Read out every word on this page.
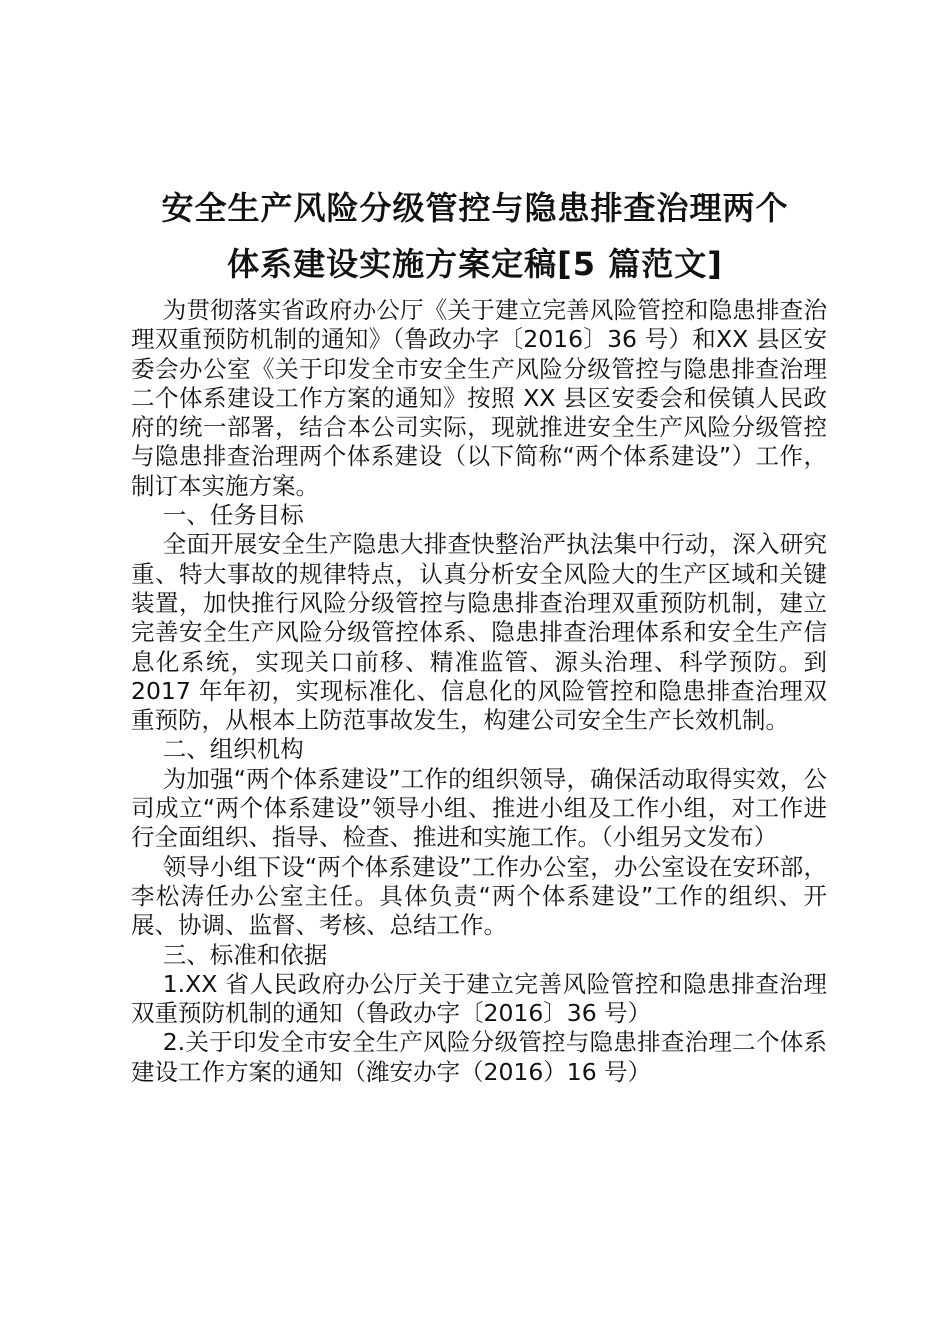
安全生产风险分级管控与隐患排查治理两个
体系建设实施方案定稿[5 篇范文]

为贯彻落实省政府办公厅《关于建立完善风险管控和隐患排查治理双重预防机制的通知》（鲁政办字〔2016〕36 号）和XX 县区安委会办公室《关于印发全市安全生产风险分级管控与隐患排查治理二个体系建设工作方案的通知》按照 XX 县区安委会和侯镇人民政府的统一部署，结合本公司实际，现就推进安全生产风险分级管控与隐患排查治理两个体系建设（以下简称“两个体系建设”）工作，制订本实施方案。

一、任务目标

全面开展安全生产隐患大排查快整治严执法集中行动，深入研究重、特大事故的规律特点，认真分析安全风险大的生产区域和关键装置，加快推行风险分级管控与隐患排查治理双重预防机制，建立完善安全生产风险分级管控体系、隐患排查治理体系和安全生产信息化系统，实现关口前移、精准监管、源头治理、科学预防。到 2017 年年初，实现标准化、信息化的风险管控和隐患排查治理双重预防，从根本上防范事故发生，构建公司安全生产长效机制。

二、组织机构

为加强“两个体系建设”工作的组织领导，确保活动取得实效，公司成立“两个体系建设”领导小组、推进小组及工作小组，对工作进行全面组织、指导、检查、推进和实施工作。（小组另文发布）

领导小组下设“两个体系建设”工作办公室，办公室设在安环部，李松涛任办公室主任。具体负责“两个体系建设”工作的组织、开展、协调、监督、考核、总结工作。

三、标准和依据

1.XX 省人民政府办公厅关于建立完善风险管控和隐患排查治理双重预防机制的通知（鲁政办字〔2016〕36 号）

2.关于印发全市安全生产风险分级管控与隐患排查治理二个体系建设工作方案的通知（潍安办字（2016）16 号）
